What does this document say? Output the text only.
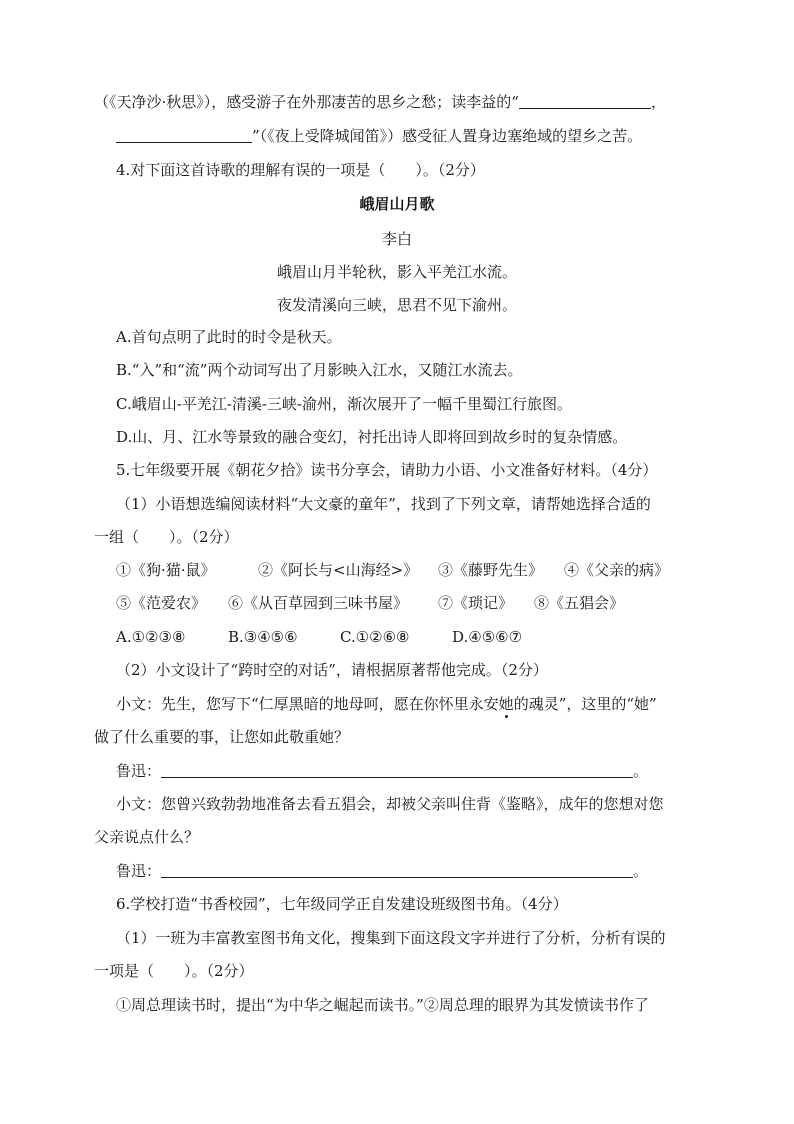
（《天净沙·秋思》），感受游子在外那凄苦的思乡之愁；读李益的“	，
”（《夜上受降城闻笛》）感受征人置身边塞绝域的望乡之苦。
4.对下面这首诗歌的理解有误的一项是（　　）。（2分）
峨眉山月歌
李白
峨眉山月半轮秋，影入平羌江水流。
夜发清溪向三峡，思君不见下渝州。
A.首句点明了此时的时令是秋天。
B.“入”和“流”两个动词写出了月影映入江水，又随江水流去。
C.峨眉山-平羌江-清溪-三峡-渝州，渐次展开了一幅千里蜀江行旅图。
D.山、月、江水等景致的融合变幻，衬托出诗人即将回到故乡时的复杂情感。
5.七年级要开展《朝花夕拾》读书分享会，请助力小语、小文准备好材料。（4分）
（1）小语想选编阅读材料“大文豪的童年”，找到了下列文章，请帮她选择合适的
一组（　　）。（2分）
①《狗·猫·鼠》	②《阿长与<山海经>》 ③《藤野先生》 ④《父亲的病》
⑤《范爱农》 ⑥《从百草园到三味书屋》 ⑦《琐记》 ⑧《五猖会》
A.①②③⑧	B.③④⑤⑥	C.①②⑥⑧	D.④⑤⑥⑦
（2）小文设计了“跨时空的对话”，请根据原著帮他完成。（2分）
小文：先生，您写下“仁厚黑暗的地母呵，愿在你怀里永安她的魂灵”，这里的“她”
做了什么重要的事，让您如此敬重她？
鲁迅：	。
小文：您曾兴致勃勃地准备去看五猖会，却被父亲叫住背《鉴略》，成年的您想对您
父亲说点什么？
鲁迅：	。
6.学校打造“书香校园”，七年级同学正自发建设班级图书角。（4分）
（1）一班为丰富教室图书角文化，搜集到下面这段文字并进行了分析，分析有误的
一项是（　　）。（2分）
①周总理读书时，提出“为中华之崛起而读书。”②周总理的眼界为其发愤读书作了
